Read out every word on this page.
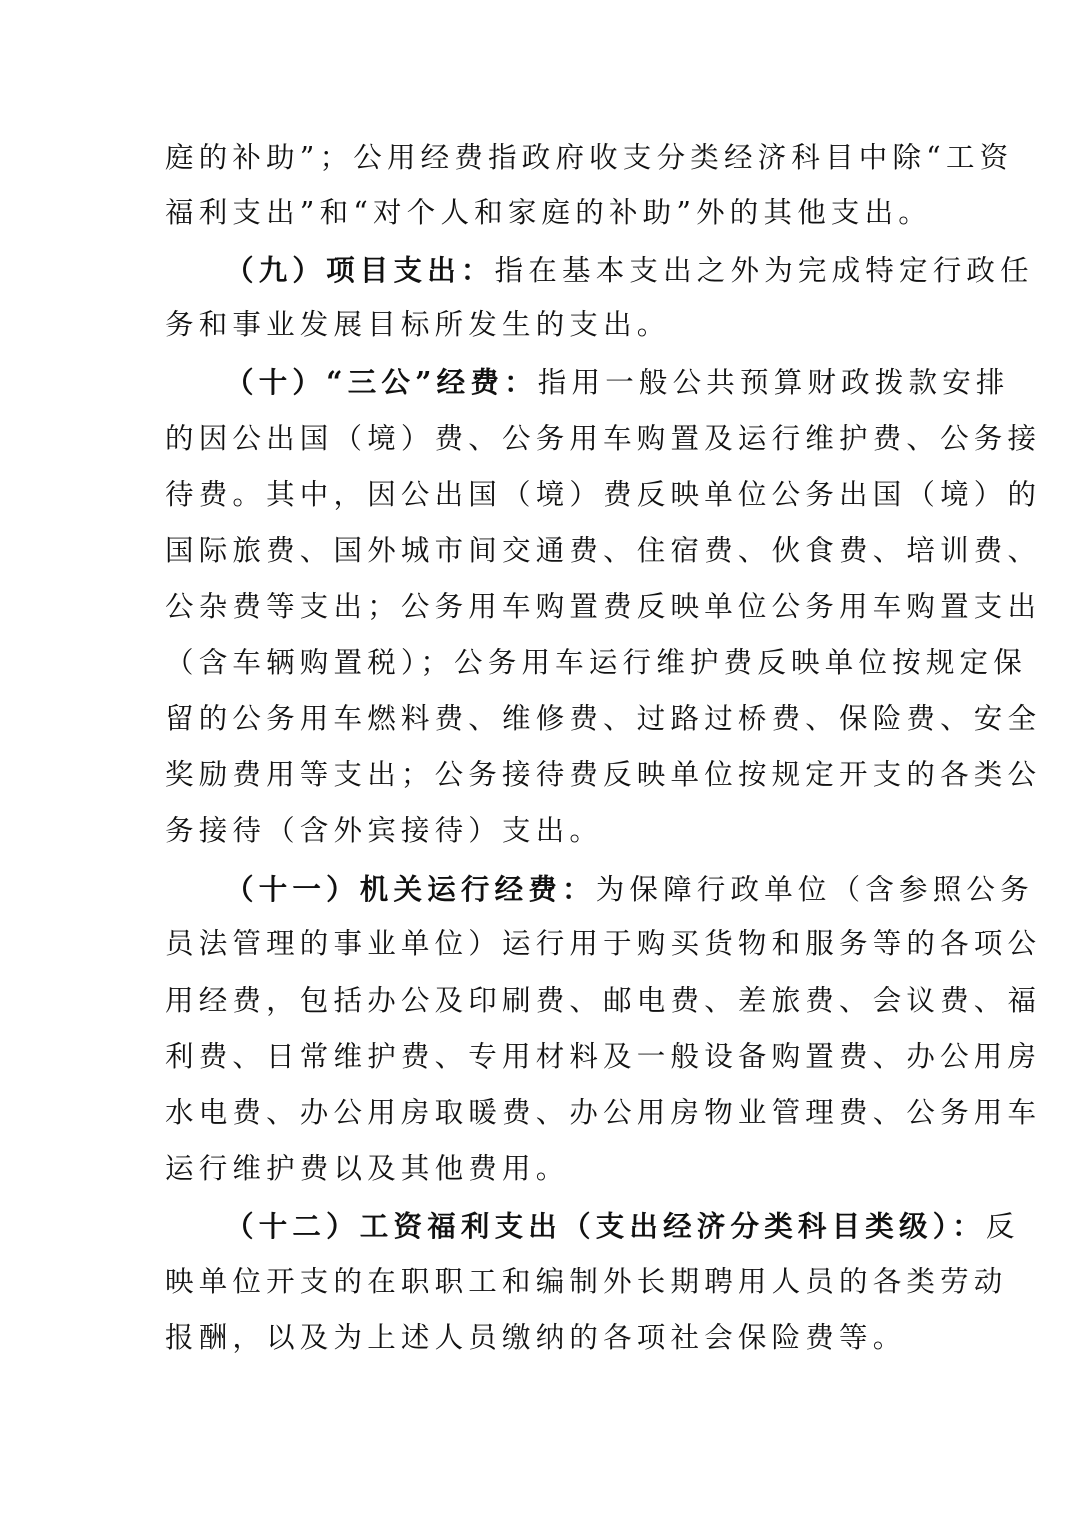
庭的补助”；公用经费指政府收支分类经济科目中除“工资
福利支出”和“对个人和家庭的补助”外的其他支出。
（九）项目支出：指在基本支出之外为完成特定行政任
务和事业发展目标所发生的支出。
（十）“三公”经费：指用一般公共预算财政拨款安排
的因公出国（境）费、公务用车购置及运行维护费、公务接
待费。其中，因公出国（境）费反映单位公务出国（境）的
国际旅费、国外城市间交通费、住宿费、伙食费、培训费、
公杂费等支出；公务用车购置费反映单位公务用车购置支出
（含车辆购置税）；公务用车运行维护费反映单位按规定保
留的公务用车燃料费、维修费、过路过桥费、保险费、安全
奖励费用等支出；公务接待费反映单位按规定开支的各类公
务接待（含外宾接待）支出。
（十一）机关运行经费：为保障行政单位（含参照公务
员法管理的事业单位）运行用于购买货物和服务等的各项公
用经费，包括办公及印刷费、邮电费、差旅费、会议费、福
利费、日常维护费、专用材料及一般设备购置费、办公用房
水电费、办公用房取暖费、办公用房物业管理费、公务用车
运行维护费以及其他费用。
（十二）工资福利支出（支出经济分类科目类级）：反
映单位开支的在职职工和编制外长期聘用人员的各类劳动
报酬，以及为上述人员缴纳的各项社会保险费等。
